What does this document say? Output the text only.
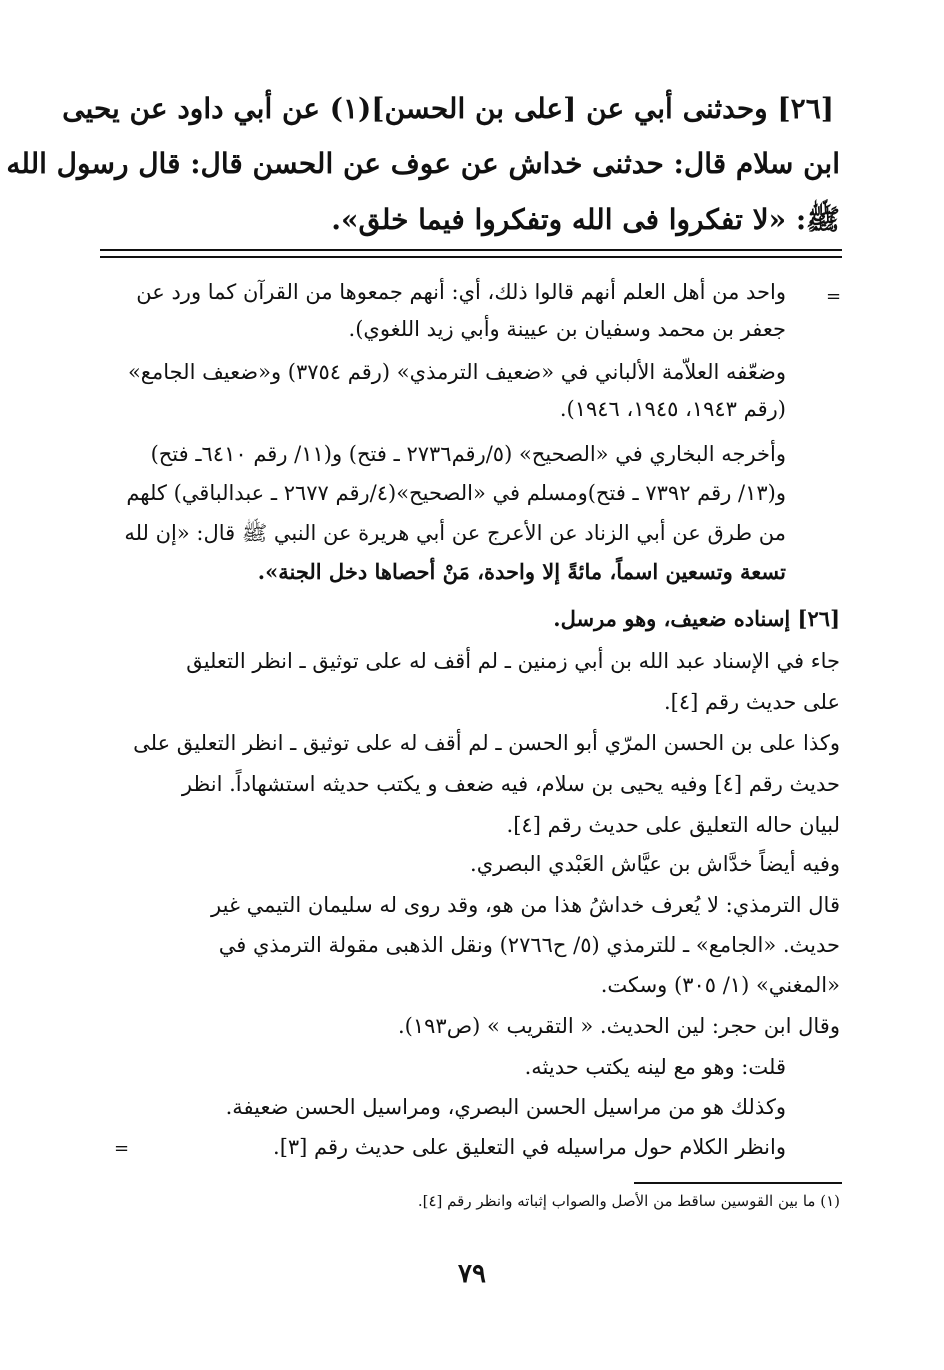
[٢٦] وحدثنى أبي عن [على بن الحسن](١) عن أبي داود عن يحيى
ابن سلام قال: حدثنى خداش عن عوف عن الحسن قال: قال رسول الله
ﷺ: «لا تفكروا فى الله وتفكروا فيما خلق».
=
واحد من أهل العلم أنهم قالوا ذلك، أي: أنهم جمعوها من القرآن كما ورد عن
جعفر بن محمد وسفيان بن عيينة وأبي زيد اللغوي).
وضعّفه العلاّمة الألباني في «ضعيف الترمذي» (رقم ٣٧٥٤) و«ضعيف الجامع»
(رقم ١٩٤٣، ١٩٤٥، ١٩٤٦).
وأخرجه البخاري في «الصحيح» (٥/رقم٢٧٣٦ ـ فتح) و(١١/ رقم ٦٤١٠ـ فتح)
و(١٣/ رقم ٧٣٩٢ ـ فتح)ومسلم في «الصحيح»(٤/رقم ٢٦٧٧ ـ عبدالباقي) كلهم
من طرق عن أبي الزناد عن الأعرج عن أبي هريرة عن النبي ﷺ قال: «إن لله
تسعة وتسعين اسماً، مائةً إلا واحدة، مَنْ أحصاها دخل الجنة».
[٢٦] إسناده ضعيف، وهو مرسل.
جاء في الإسناد عبد الله بن أبي زمنين ـ لم أقف له على توثيق ـ انظر التعليق
على حديث رقم [٤].
وكذا على بن الحسن المرّي أبو الحسن ـ لم أقف له على توثيق ـ انظر التعليق على
حديث رقم [٤] وفيه يحيى بن سلام، فيه ضعف و يكتب حديثه استشهاداً. انظر
لبيان حاله التعليق على حديث رقم [٤].
وفيه أيضاً خدَّاش بن عيَّاش العَبْدي البصري.
قال الترمذي: لا يُعرف خداشُ هذا من هو، وقد روى له سليمان التيمي غير
حديث. «الجامع» ـ للترمذي (٥/ ح٢٧٦٦) ونقل الذهبى مقولة الترمذي في
«المغني» (١/ ٣٠٥) وسكت.
وقال ابن حجر: لين الحديث. « التقريب » (ص١٩٣).
قلت: وهو مع لينه يكتب حديثه.
وكذلك هو من مراسيل الحسن البصري، ومراسيل الحسن ضعيفة.
وانظر الكلام حول مراسيله في التعليق على حديث رقم [٣].
=
(١) ما بين القوسين ساقط من الأصل والصواب إثباته وانظر رقم [٤].
٧٩
